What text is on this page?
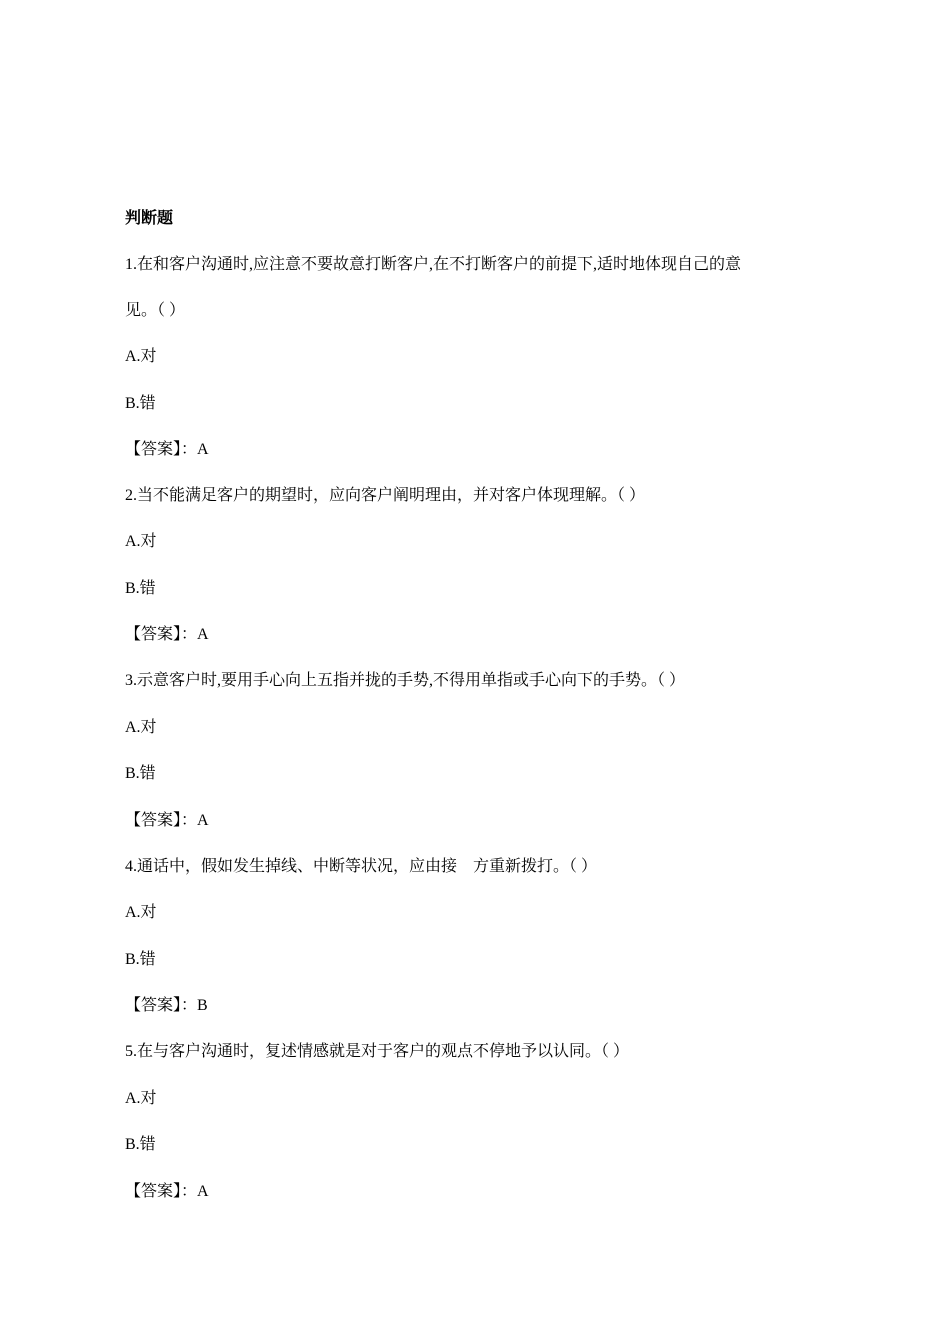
判断题
1.在和客户沟通时,应注意不要故意打断客户,在不打断客户的前提下,适时地体现自己的意
见。（ ）
A.对
B.错
【答案】：A
2.当不能满足客户的期望时，应向客户阐明理由，并对客户体现理解。（ ）
A.对
B.错
【答案】：A
3.示意客户时,要用手心向上五指并拢的手势,不得用单指或手心向下的手势。（ ）
A.对
B.错
【答案】：A
4.通话中，假如发生掉线、中断等状况，应由接　方重新拨打。（ ）
A.对
B.错
【答案】：B
5.在与客户沟通时，复述情感就是对于客户的观点不停地予以认同。（ ）
A.对
B.错
【答案】：A
